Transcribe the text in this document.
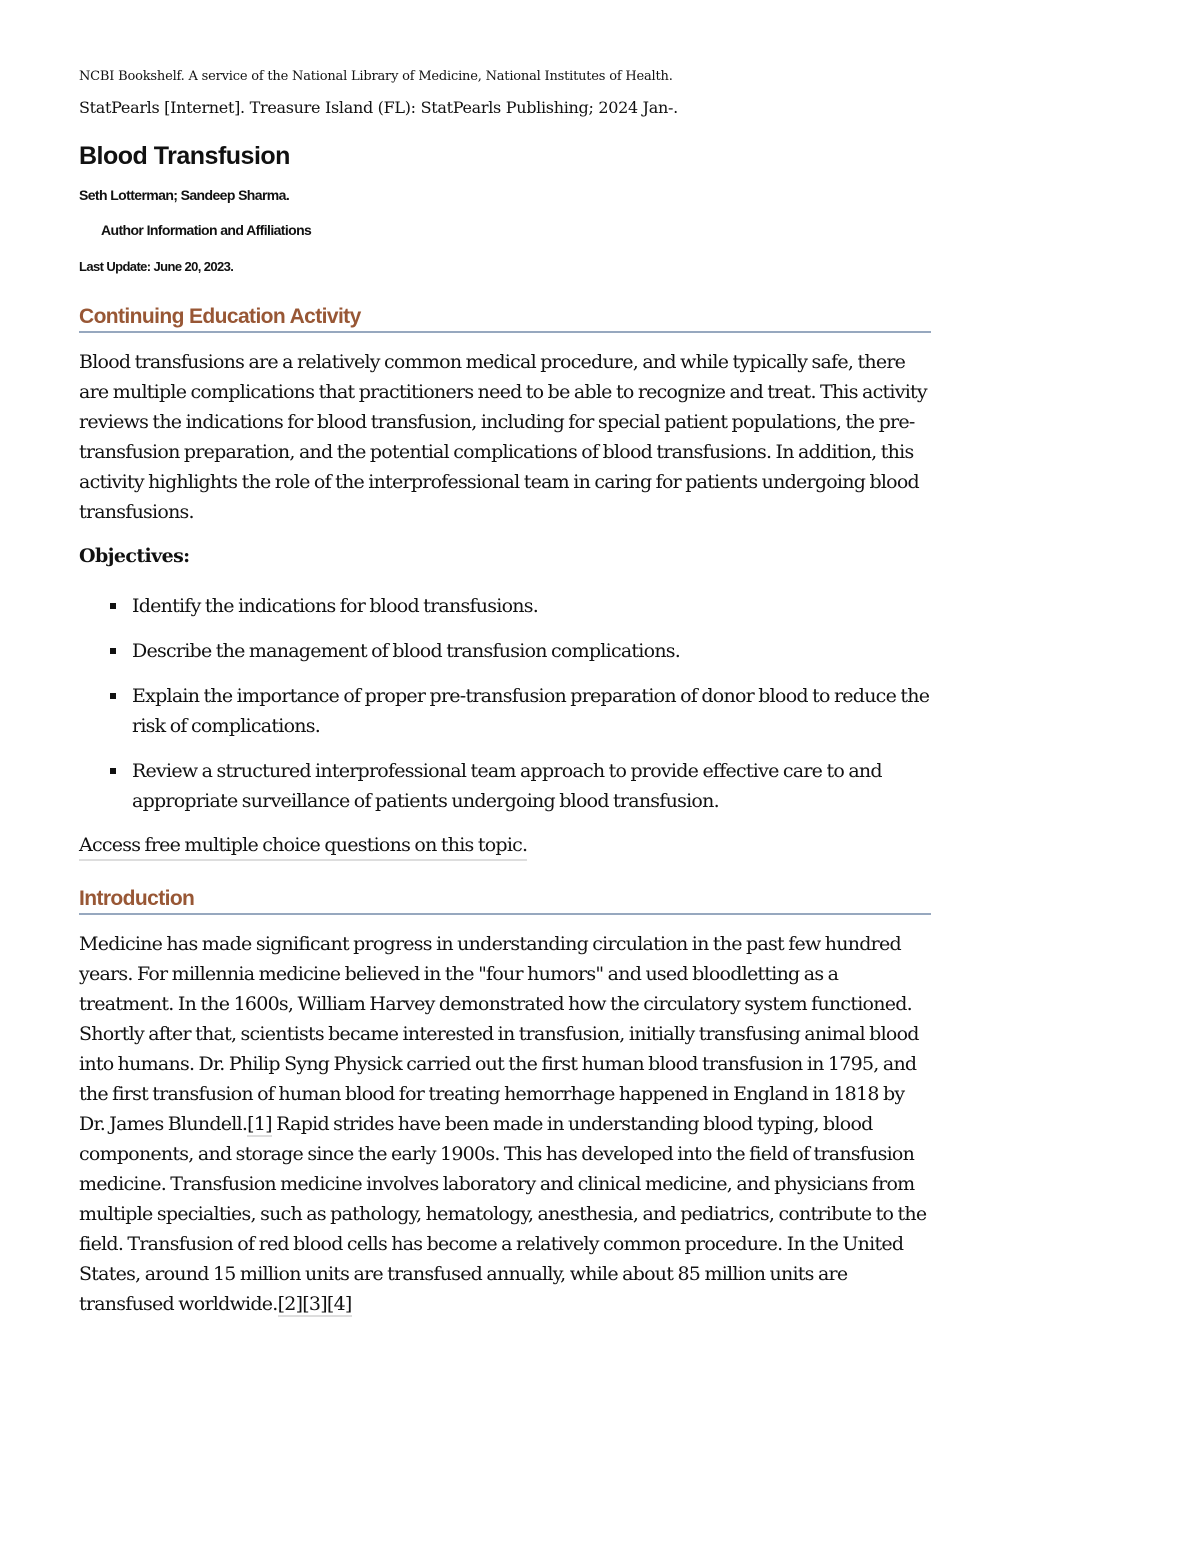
NCBI Bookshelf. A service of the National Library of Medicine, National Institutes of Health.

StatPearls [Internet]. Treasure Island (FL): StatPearls Publishing; 2024 Jan-.

Blood Transfusion

Seth Lotterman; Sandeep Sharma.

Author Information and Affiliations

Last Update: June 20, 2023.

Continuing Education Activity

Blood transfusions are a relatively common medical procedure, and while typically safe, there are multiple complications that practitioners need to be able to recognize and treat. This activity reviews the indications for blood transfusion, including for special patient populations, the pre-transfusion preparation, and the potential complications of blood transfusions. In addition, this activity highlights the role of the interprofessional team in caring for patients undergoing blood transfusions.

Objectives:

Identify the indications for blood transfusions.
Describe the management of blood transfusion complications.
Explain the importance of proper pre-transfusion preparation of donor blood to reduce the risk of complications.
Review a structured interprofessional team approach to provide effective care to and appropriate surveillance of patients undergoing blood transfusion.
Access free multiple choice questions on this topic.
Introduction

Medicine has made significant progress in understanding circulation in the past few hundred years. For millennia medicine believed in the "four humors" and used bloodletting as a treatment. In the 1600s, William Harvey demonstrated how the circulatory system functioned. Shortly after that, scientists became interested in transfusion, initially transfusing animal blood into humans. Dr. Philip Syng Physick carried out the first human blood transfusion in 1795, and the first transfusion of human blood for treating hemorrhage happened in England in 1818 by Dr. James Blundell.[1] Rapid strides have been made in understanding blood typing, blood components, and storage since the early 1900s. This has developed into the field of transfusion medicine. Transfusion medicine involves laboratory and clinical medicine, and physicians from multiple specialties, such as pathology, hematology, anesthesia, and pediatrics, contribute to the field. Transfusion of red blood cells has become a relatively common procedure. In the United States, around 15 million units are transfused annually, while about 85 million units are transfused worldwide.[2][3][4]
